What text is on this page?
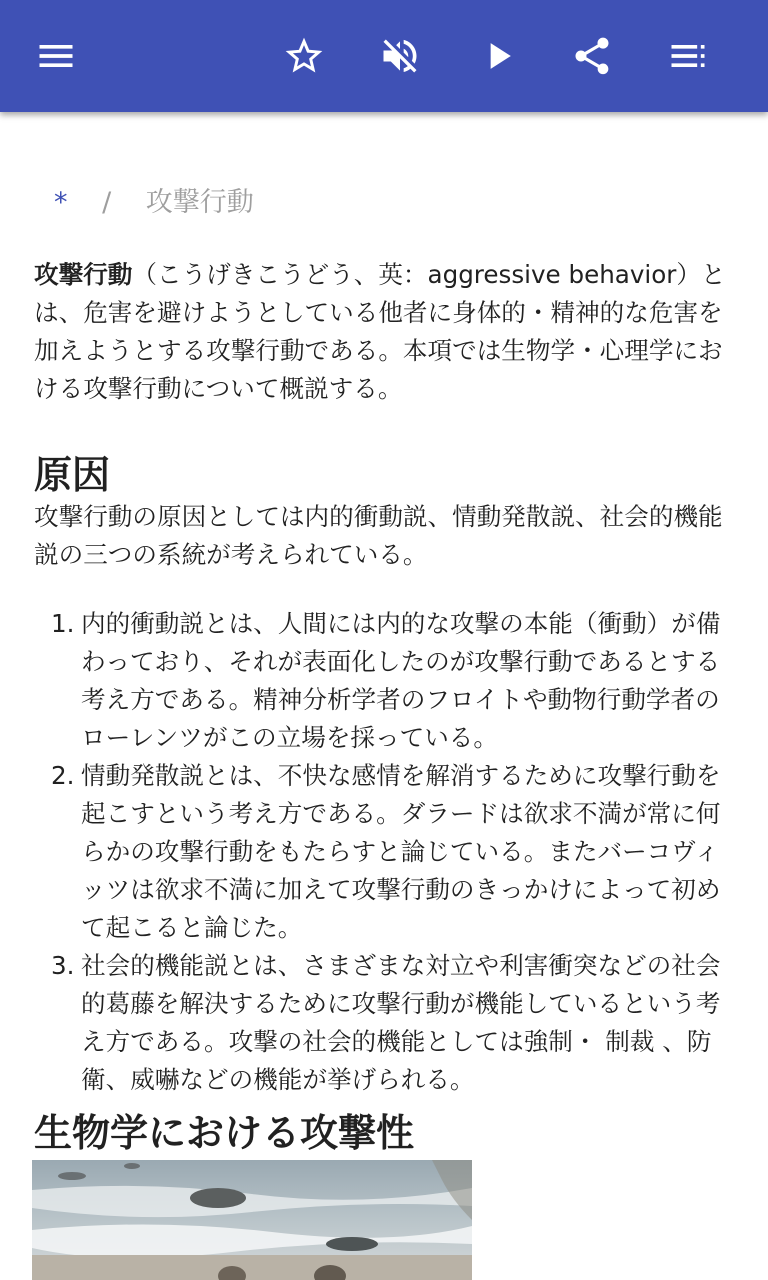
* / 攻撃行動

攻撃行動（こうげきこうどう、英：aggressive behavior）とは、危害を避けようとしている他者に身体的・精神的な危害を加えようとする攻撃行動である。本項では生物学・心理学における攻撃行動について概説する。

原因

攻撃行動の原因としては内的衝動説、情動発散説、社会的機能説の三つの系統が考えられている。

1. 内的衝動説とは、人間には内的な攻撃の本能（衝動）が備わっており、それが表面化したのが攻撃行動であるとする考え方である。精神分析学者のフロイトや動物行動学者のローレンツがこの立場を採っている。
2. 情動発散説とは、不快な感情を解消するために攻撃行動を起こすという考え方である。ダラードは欲求不満が常に何らかの攻撃行動をもたらすと論じている。またバーコヴィッツは欲求不満に加えて攻撃行動のきっかけによって初めて起こると論じた。
3. 社会的機能説とは、さまざまな対立や利害衝突などの社会的葛藤を解決するために攻撃行動が機能しているという考え方である。攻撃の社会的機能としては強制・ 制裁 、防衛、威嚇などの機能が挙げられる。
生物学における攻撃性
